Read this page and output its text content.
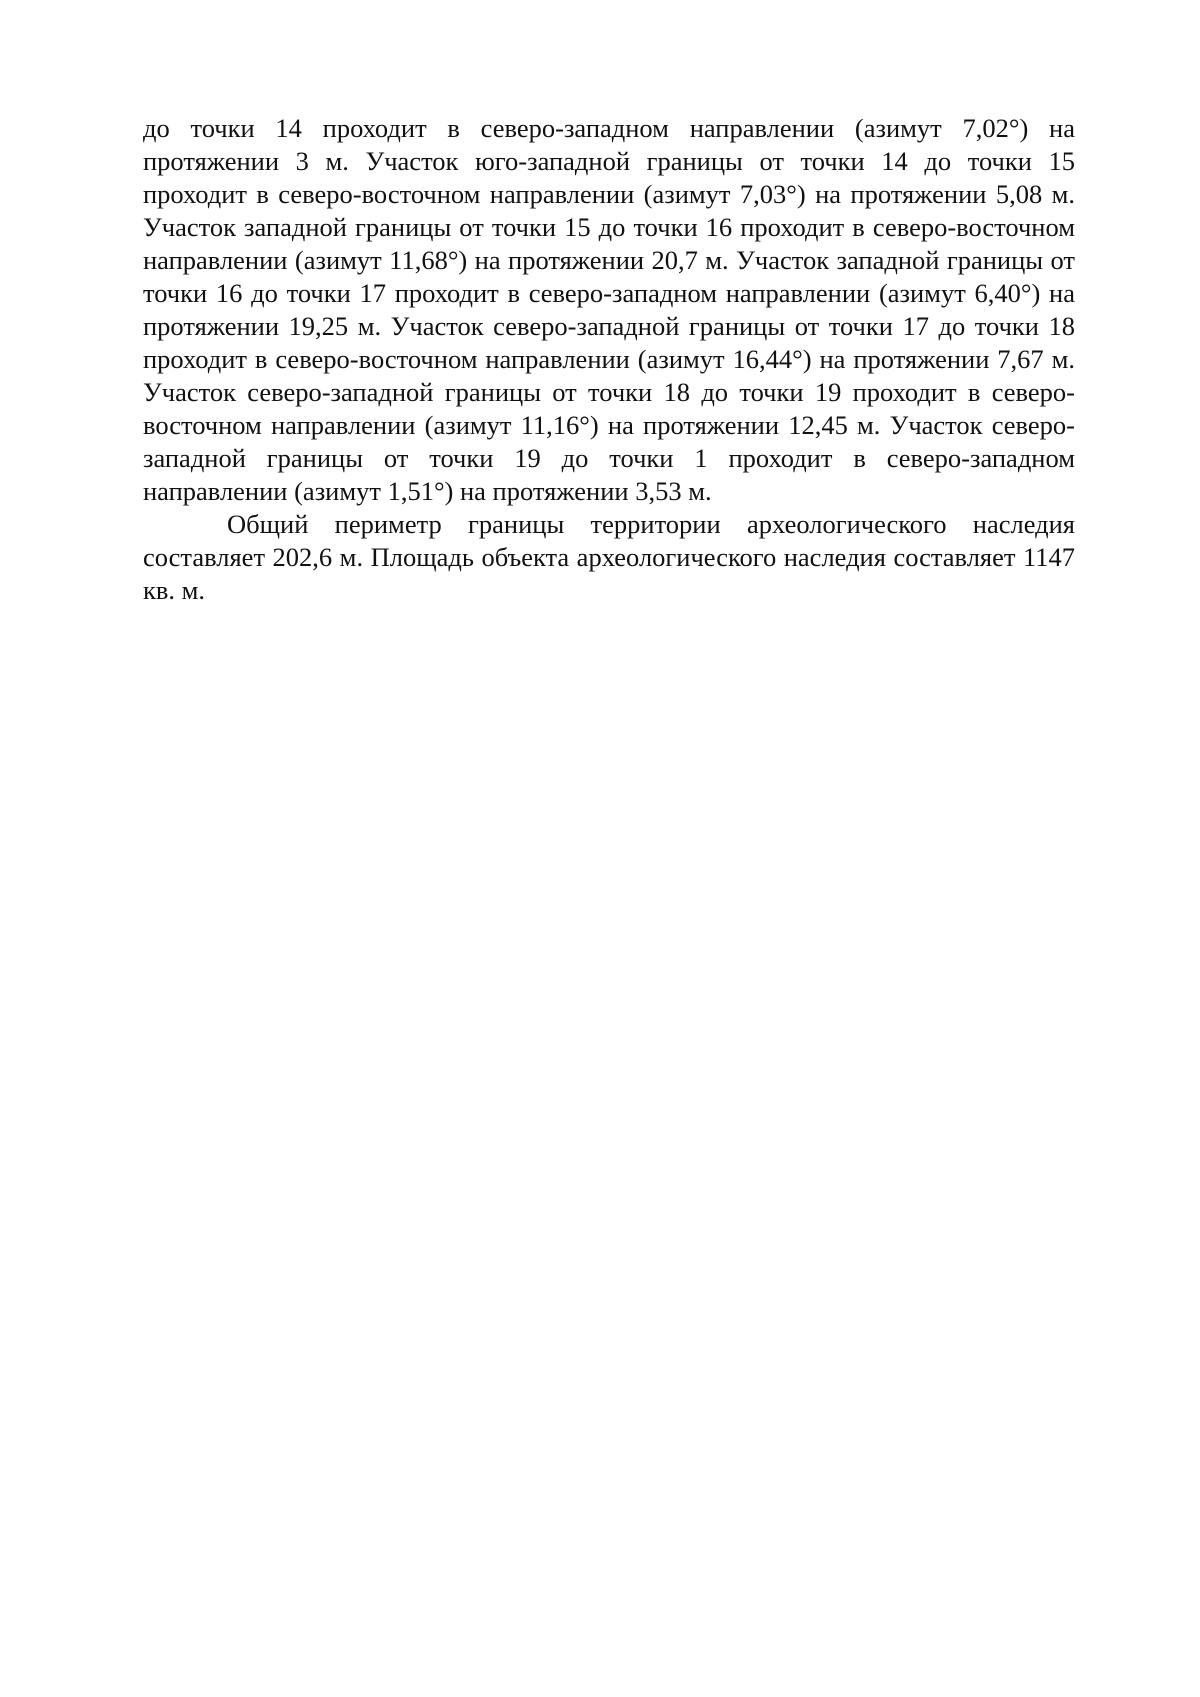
до точки 14 проходит в северо-западном направлении (азимут 7,02°) на протяжении 3 м. Участок юго-западной границы от точки 14 до точки 15 проходит в северо-восточном направлении (азимут 7,03°) на протяжении 5,08 м. Участок западной границы от точки 15 до точки 16 проходит в северо-восточном направлении (азимут 11,68°) на протяжении 20,7 м. Участок западной границы от точки 16 до точки 17 проходит в северо-западном направлении (азимут 6,40°) на протяжении 19,25 м. Участок северо-западной границы от точки 17 до точки 18 проходит в северо-восточном направлении (азимут 16,44°) на протяжении 7,67 м. Участок северо-западной границы от точки 18 до точки 19 проходит в северо-восточном направлении (азимут 11,16°) на протяжении 12,45 м. Участок северо-западной границы от точки 19 до точки 1 проходит в северо-западном направлении (азимут 1,51°) на протяжении 3,53 м.

Общий периметр границы территории археологического наследия составляет 202,6 м. Площадь объекта археологического наследия составляет 1147 кв. м.
